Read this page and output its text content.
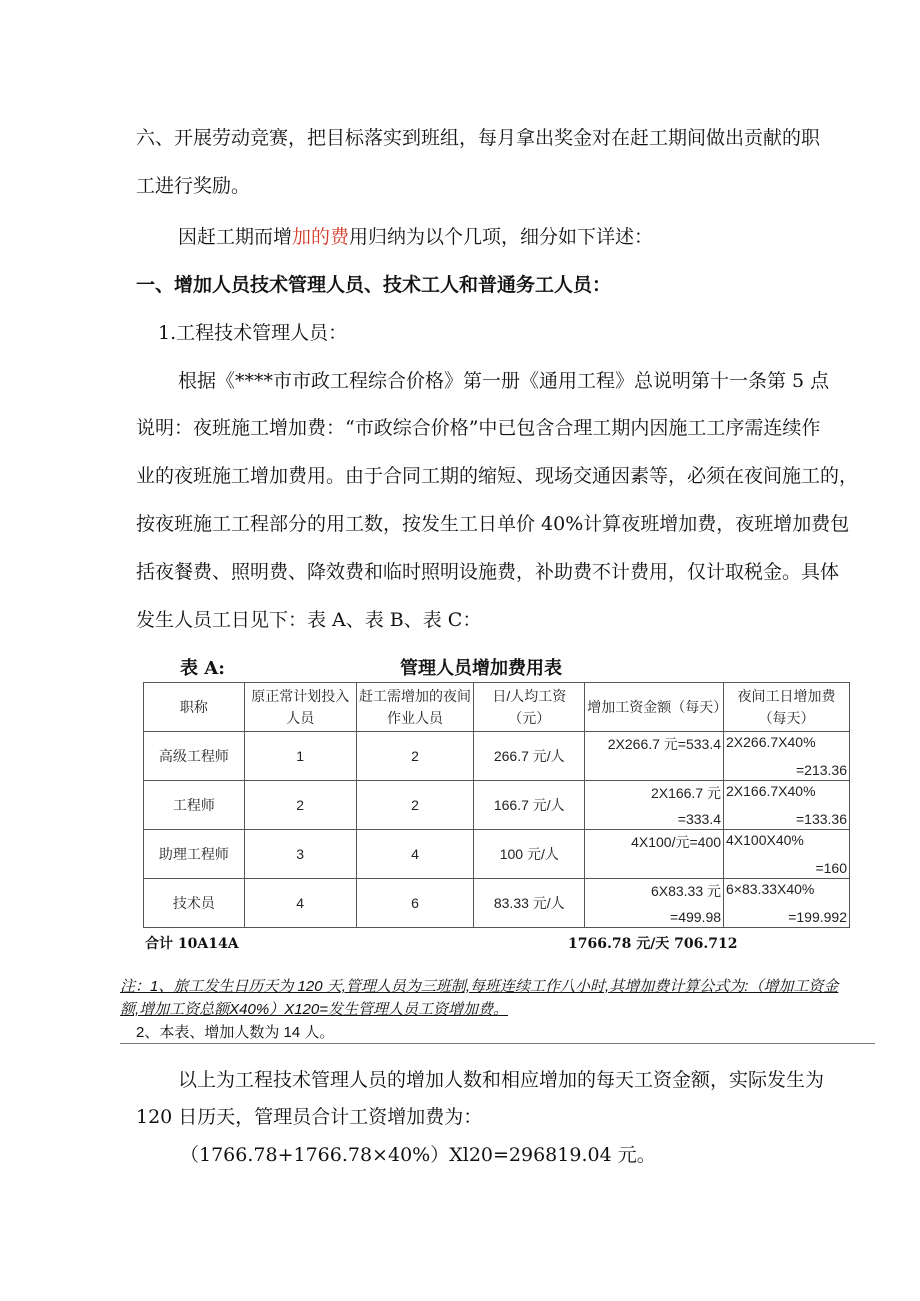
六、开展劳动竞赛，把目标落实到班组，每月拿出奖金对在赶工期间做出贡献的职
工进行奖励。
因赶工期而增加的费用归纳为以个几项，细分如下详述：
一、增加人员技术管理人员、技术工人和普通务工人员：
1.工程技术管理人员：
根据《****市市政工程综合价格》第一册《通用工程》总说明第十一条第 5 点
说明：夜班施工增加费：“市政综合价格”中已包含合理工期内因施工工序需连续作
业的夜班施工增加费用。由于合同工期的缩短、现场交通因素等，必须在夜间施工的，
按夜班施工工程部分的用工数，按发生工日单价 40%计算夜班增加费，夜班增加费包
括夜餐费、照明费、降效费和临时照明设施费，补助费不计费用，仅计取税金。具体
发生人员工日见下：表 A、表 B、表 C：
表 A:	管理人员增加费用表
职称	原正常计划投入人员	赶工需增加的夜间作业人员	日/人均工资（元）	增加工资金额（每天）	夜间工日增加费（每天）
高级工程师	1	2	266.7 元/人	2X266.7 元=533.4	2X266.7X40%
=213.36

工程师	2	2	166.7 元/人	2X166.7 元
=333.4	2X166.7X40%
=133.36

助理工程师	3	4	100 元/人	4X100/元=400	4X100X40%
=160

技术员	4	6	83.33 元/人	6X83.33 元
=499.98	6×83.33X40%
=199.992
合计 10A14A	1766.78 元/天 706.712
注：1、旅工发生日历天为 120 天,管理人员为三班制,每班连续工作八小时,其增加费计算公式为:（增加工资金
额,增加工资总额X40%）X120=发生管理人员工资增加费。
2、本表、增加人数为 14 人。
以上为工程技术管理人员的增加人数和相应增加的每天工资金额，实际发生为
120 日历天，管理员合计工资增加费为：
（1766.78+1766.78×40%）Xl20=296819.04 元。
